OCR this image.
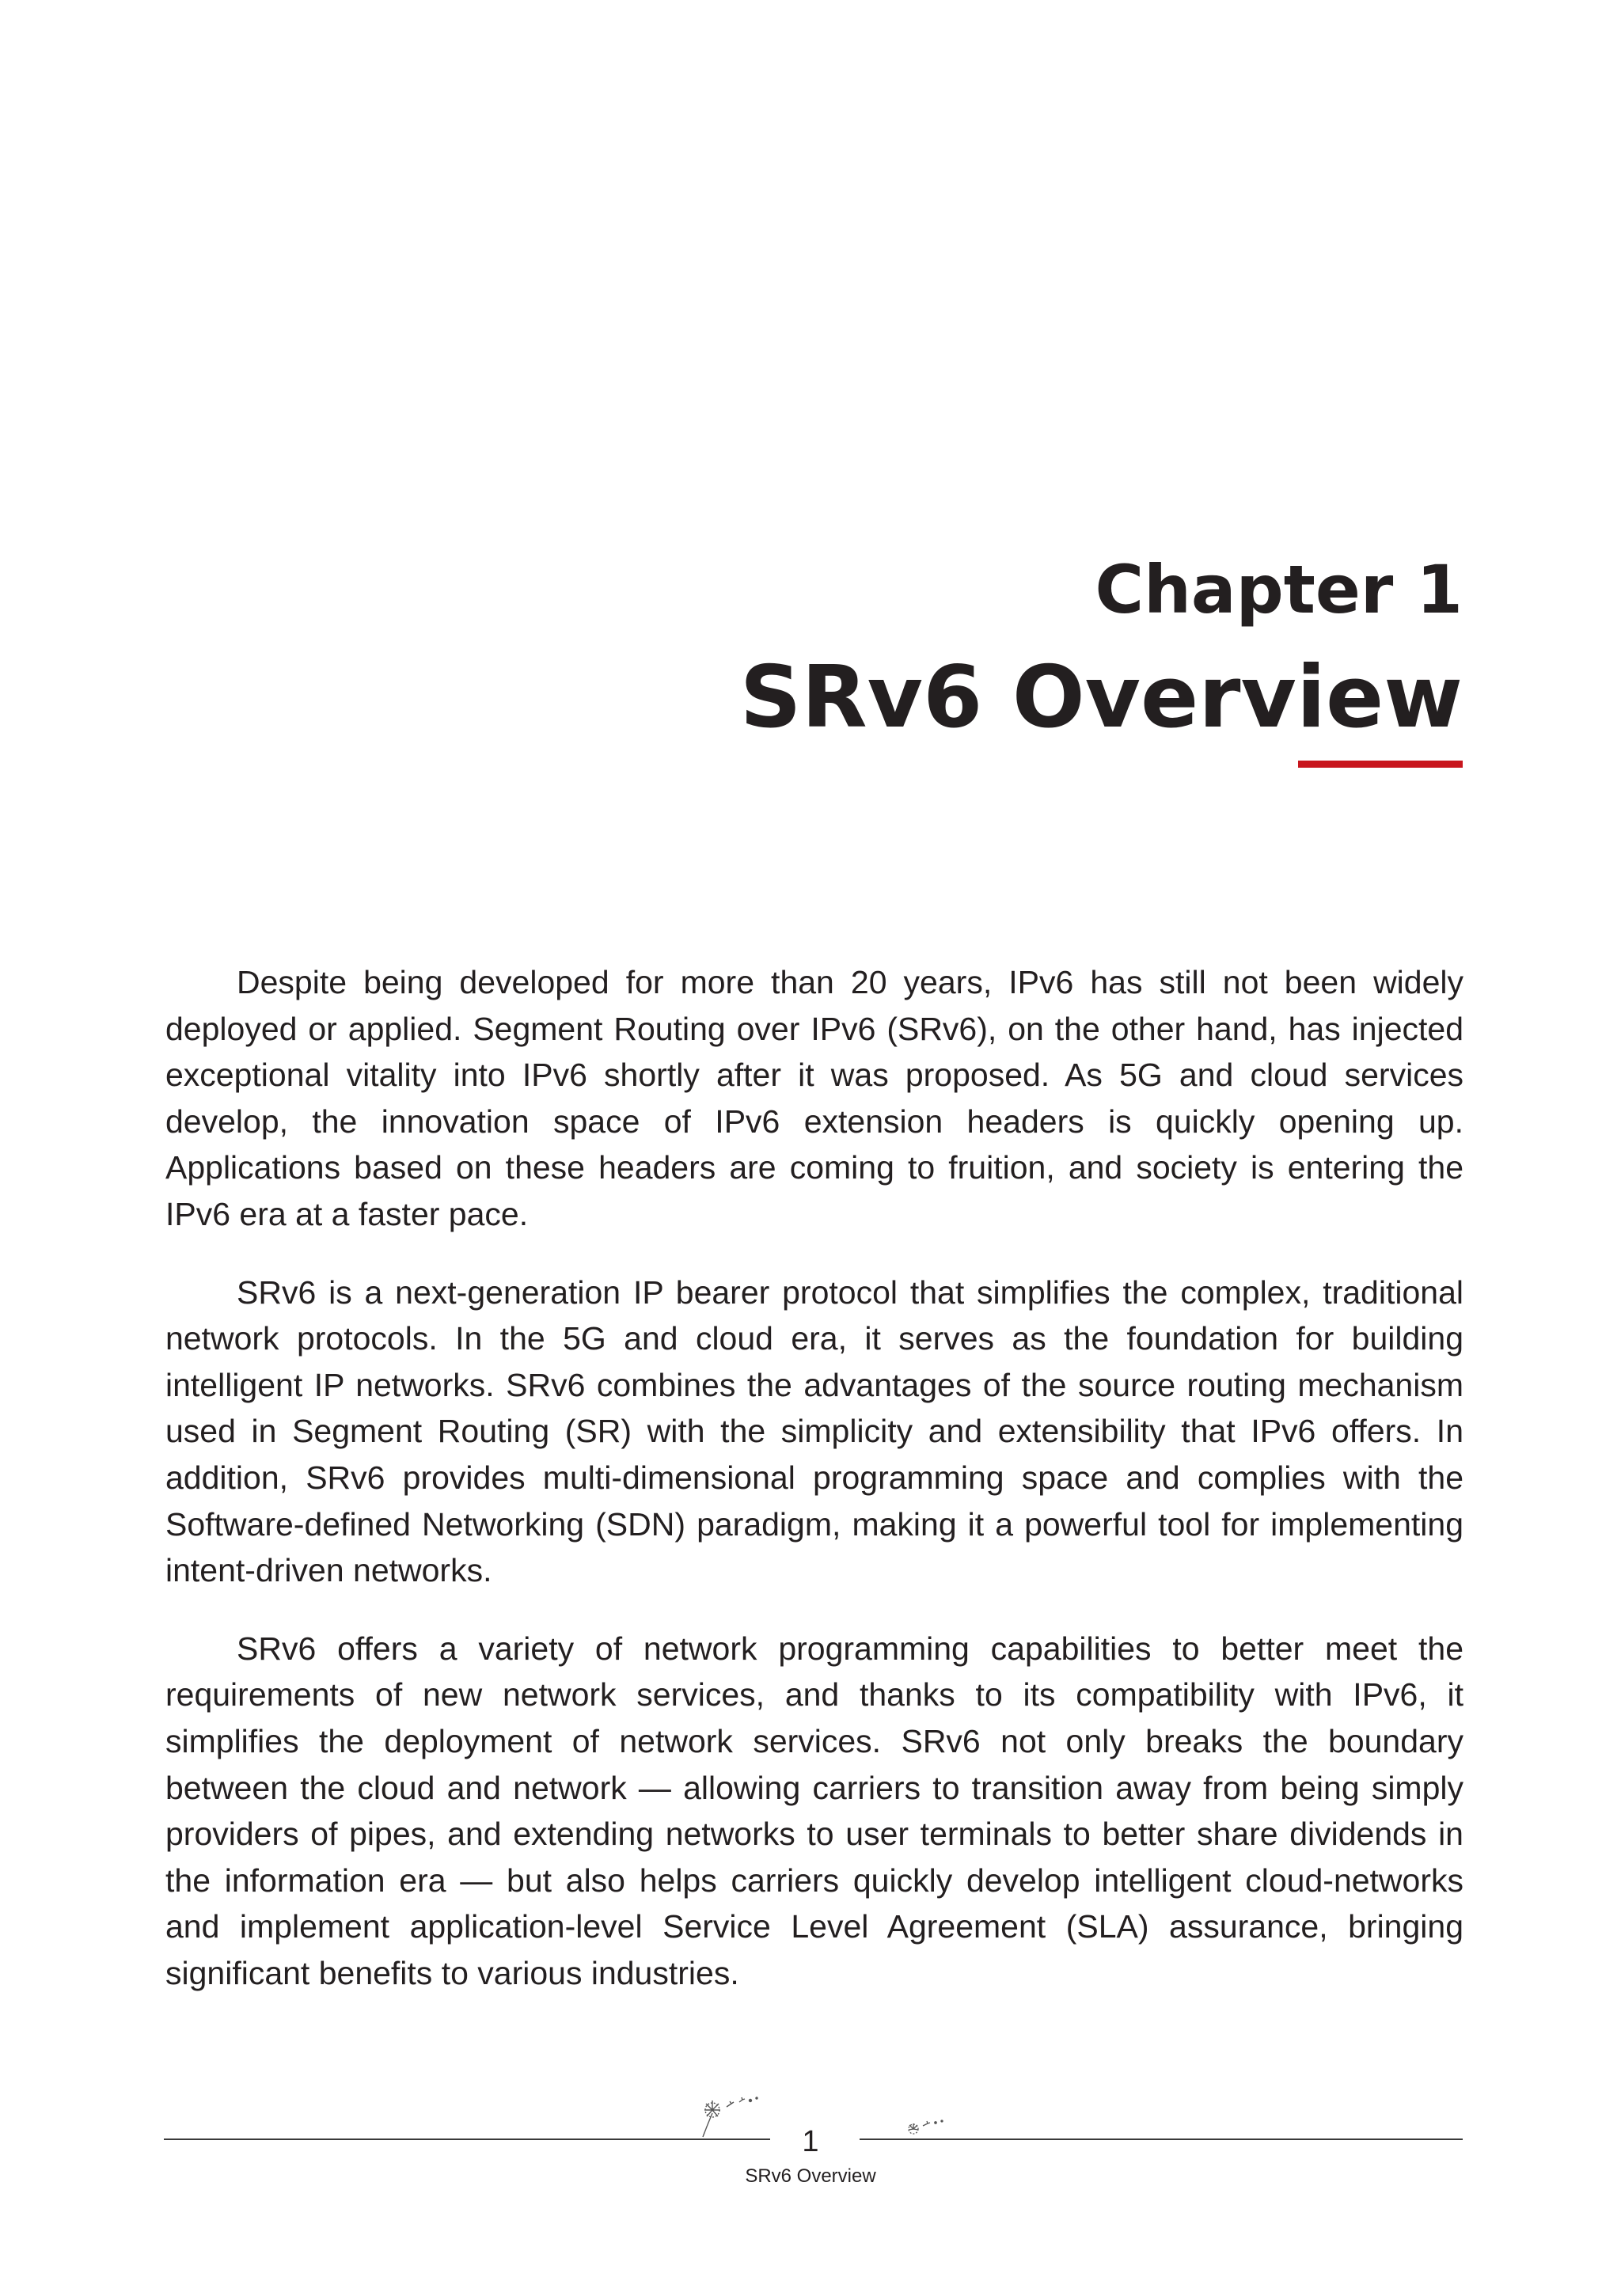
Chapter 1
SRv6 Overview

Despite being developed for more than 20 years, IPv6 has still not been widely deployed or applied. Segment Routing over IPv6 (SRv6), on the other hand, has injected exceptional vitality into IPv6 shortly after it was proposed. As 5G and cloud services develop, the innovation space of IPv6 extension headers is quickly opening up. Applications based on these headers are coming to fruition, and society is entering the IPv6 era at a faster pace.

SRv6 is a next-generation IP bearer protocol that simplifies the complex, traditional network protocols. In the 5G and cloud era, it serves as the foundation for building intelligent IP networks. SRv6 combines the advantages of the source routing mechanism used in Segment Routing (SR) with the simplicity and extensibility that IPv6 offers. In addition, SRv6 provides multi-dimensional programming space and complies with the Software-defined Networking (SDN) paradigm, making it a powerful tool for implementing intent-driven networks.

SRv6 offers a variety of network programming capabilities to better meet the requirements of new network services, and thanks to its compatibility with IPv6, it simplifies the deployment of network services. SRv6 not only breaks the boundary between the cloud and network — allowing carriers to transition away from being simply providers of pipes, and extending networks to user terminals to better share dividends in the information era — but also helps carriers quickly develop intelligent cloud-networks and implement application-level Service Level Agreement (SLA) assurance, bringing significant benefits to various industries.

1
SRv6 Overview
